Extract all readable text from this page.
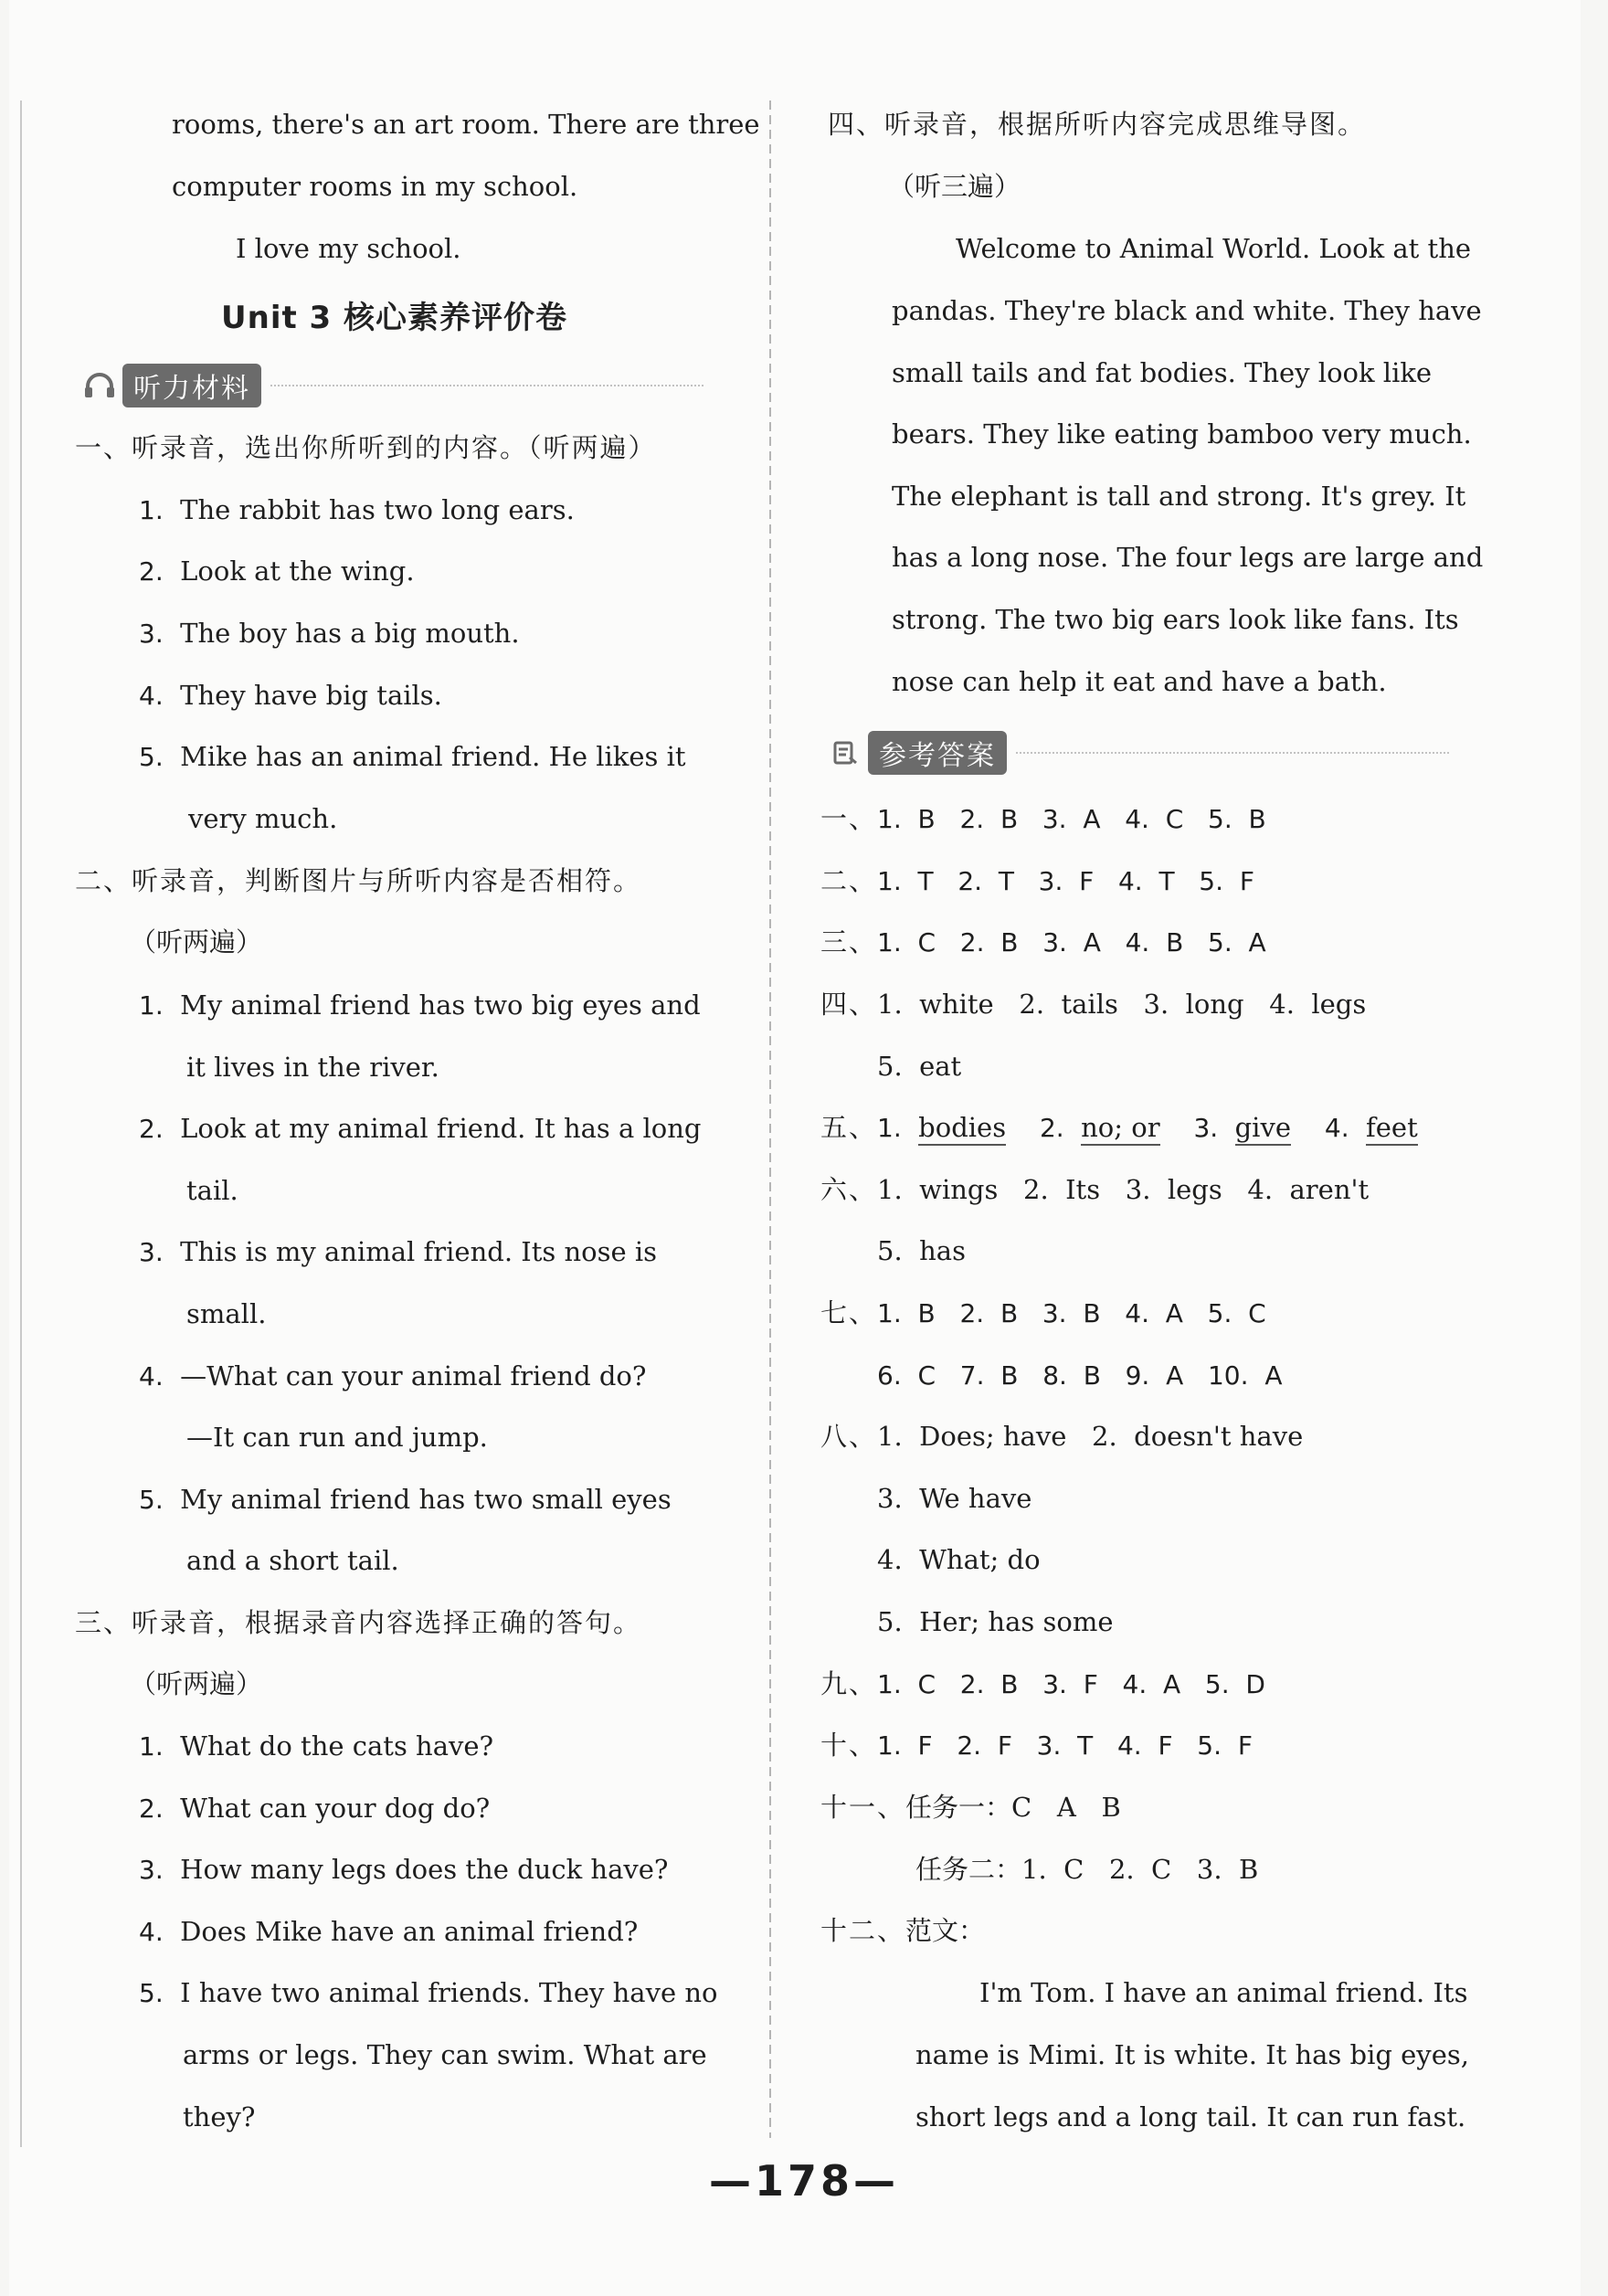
rooms, there's an art room. There are three
computer rooms in my school.
I love my school.
Unit 3 核心素养评价卷
听力材料
一、听录音，选出你所听到的内容。（听两遍）
1. The rabbit has two long ears.
2. Look at the wing.
3. The boy has a big mouth.
4. They have big tails.
5. Mike has an animal friend. He likes it
very much.
二、听录音，判断图片与所听内容是否相符。
（听两遍）
1. My animal friend has two big eyes and
it lives in the river.
2. Look at my animal friend. It has a long
tail.
3. This is my animal friend. Its nose is
small.
4. —What can your animal friend do?
—It can run and jump.
5. My animal friend has two small eyes
and a short tail.
三、听录音，根据录音内容选择正确的答句。
（听两遍）
1. What do the cats have?
2. What can your dog do?
3. How many legs does the duck have?
4. Does Mike have an animal friend?
5. I have two animal friends. They have no
arms or legs. They can swim. What are
they?
四、听录音，根据所听内容完成思维导图。
（听三遍）
Welcome to Animal World. Look at the
pandas. They're black and white. They have
small tails and fat bodies. They look like
bears. They like eating bamboo very much.
The elephant is tall and strong. It's grey. It
has a long nose. The four legs are large and
strong. The two big ears look like fans. Its
nose can help it eat and have a bath.
参考答案
一、1.  B   2.  B   3.  A   4.  C   5.  B
二、1.  T   2.  T   3.  F   4.  T   5.  F
三、1.  C   2.  B   3.  A   4.  B   5.  A
四、1.  white   2.  tails   3.  long   4.  legs
5.  eat
五、1. bodies 2. no; or 3. give 4. feet
六、1.  wings   2.  Its   3.  legs   4.  aren't
5.  has
七、1.  B   2.  B   3.  B   4.  A   5.  C
6.  C   7.  B   8.  B   9.  A   10.  A
八、1.  Does; have   2.  doesn't have
3.  We have
4.  What; do
5.  Her; has some
九、1.  C   2.  B   3.  F   4.  A   5.  D
十、1.  F   2.  F   3.  T   4.  F   5.  F
十一、任务一：C   A   B
任务二：1.  C   2.  C   3.  B
十二、范文：
I'm Tom. I have an animal friend. Its
name is Mimi. It is white. It has big eyes,
short legs and a long tail. It can run fast.
—178—
